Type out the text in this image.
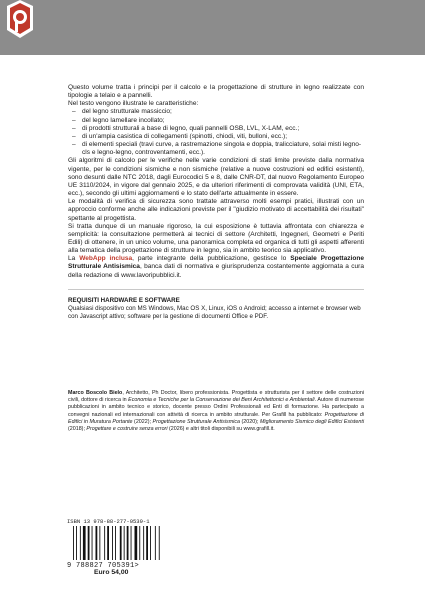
Questo volume tratta i principi per il calcolo e la progettazione di strutture in legno realizzate con tipologie a telaio e a pannelli.

Nel testo vengono illustrate le caratteristiche:

– del legno strutturale massiccio;
– del legno lamellare incollato;
– di prodotti strutturali a base di legno, quali pannelli OSB, LVL, X-LAM, ecc.;
– di un'ampia casistica di collegamenti (spinotti, chiodi, viti, bulloni, ecc.);
– di elementi speciali (travi curve, a rastremazione singola e doppia, tralicciature, solai misti legno-cls e legno-legno, controventamenti, ecc.).

Gli algoritmi di calcolo per le verifiche nelle varie condizioni di stati limite previste dalla normativa vigente, per le condizioni sismiche e non sismiche (relative a nuove costruzioni ed edifici esistenti), sono desunti dalle NTC 2018, dagli Eurocodici 5 e 8, dalle CNR-DT, dal nuovo Regolamento Europeo UE 3110/2024, in vigore dal gennaio 2025, e da ulteriori riferimenti di comprovata validità (UNI, ETA, ecc.), secondo gli ultimi aggiornamenti e lo stato dell'arte attualmente in essere.

Le modalità di verifica di sicurezza sono trattate attraverso molti esempi pratici, illustrati con un approccio conforme anche alle indicazioni previste per il "giudizio motivato di accettabilità dei risultati" spettante al progettista.

Si tratta dunque di un manuale rigoroso, la cui esposizione è tuttavia affrontata con chiarezza e semplicità: la consultazione permetterà ai tecnici di settore (Architetti, Ingegneri, Geometri e Periti Edili) di ottenere, in un unico volume, una panoramica completa ed organica di tutti gli aspetti afferenti alla tematica della progettazione di strutture in legno, sia in ambito teorico sia applicativo.

La WebApp inclusa, parte integrante della pubblicazione, gestisce lo Speciale Progettazione Strutturale Antisismica, banca dati di normativa e giurisprudenza costantemente aggiornata a cura della redazione di www.lavoripubblici.it.

REQUISITI HARDWARE E SOFTWARE

Qualsiasi dispositivo con MS Windows, Mac OS X, Linux, iOS o Android; accesso a internet e browser web con Javascript attivo; software per la gestione di documenti Office e PDF.

Marco Boscolo Bielo, Architetto, Ph Doctor, libero professionista. Progettista e strutturista per il settore delle costruzioni civili, dottore di ricerca in Economia e Tecniche per la Conservazione dei Beni Architettonici e Ambientali. Autore di numerose pubblicazioni in ambito tecnico e storico, docente presso Ordini Professionali ed Enti di formazione. Ha partecipato a convegni nazionali ed internazionali con attività di ricerca in ambito strutturale. Per Grafill ha pubblicato: Progettazione di Edifici in Muratura Portante (2022); Progettazione Strutturale Antisismica (2020); Miglioramento Sismico degli Edifici Esistenti (2018); Progettare e costruire senza errori (2026) e altri titoli disponibili su www.grafill.it.

ISBN 13 978-88-277-0539-1
9 788827 705391>
Euro 54,00
